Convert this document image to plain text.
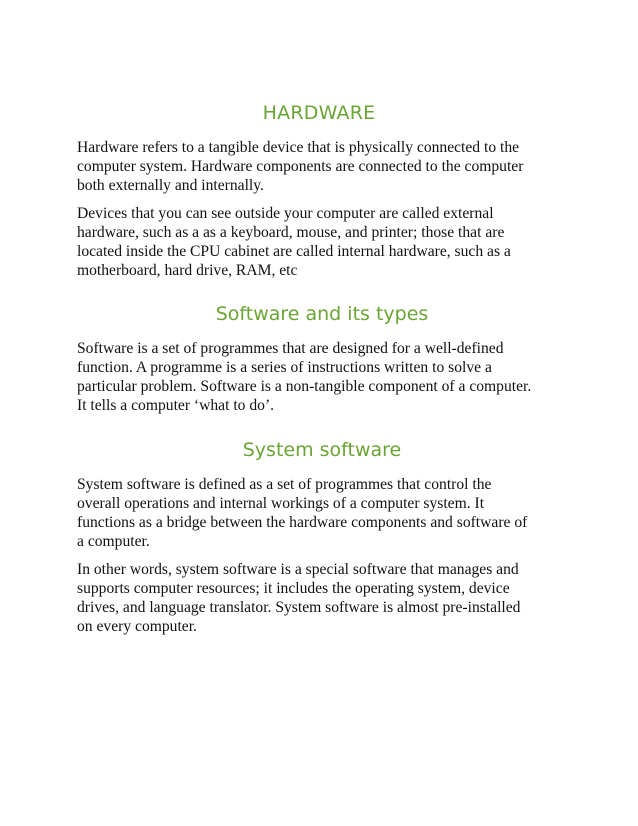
HARDWARE

Hardware refers to a tangible device that is physically connected to the
computer system. Hardware components are connected to the computer
both externally and internally.

Devices that you can see outside your computer are called external
hardware, such as a as a keyboard, mouse, and printer; those that are
located inside the CPU cabinet are called internal hardware, such as a
motherboard, hard drive, RAM, etc

Software and its types

Software is a set of programmes that are designed for a well-defined
function. A programme is a series of instructions written to solve a
particular problem. Software is a non-tangible component of a computer.
It tells a computer ‘what to do’.

System software

System software is defined as a set of programmes that control the
overall operations and internal workings of a computer system. It
functions as a bridge between the hardware components and software of
a computer.

In other words, system software is a special software that manages and
supports computer resources; it includes the operating system, device
drives, and language translator. System software is almost pre-installed
on every computer.
